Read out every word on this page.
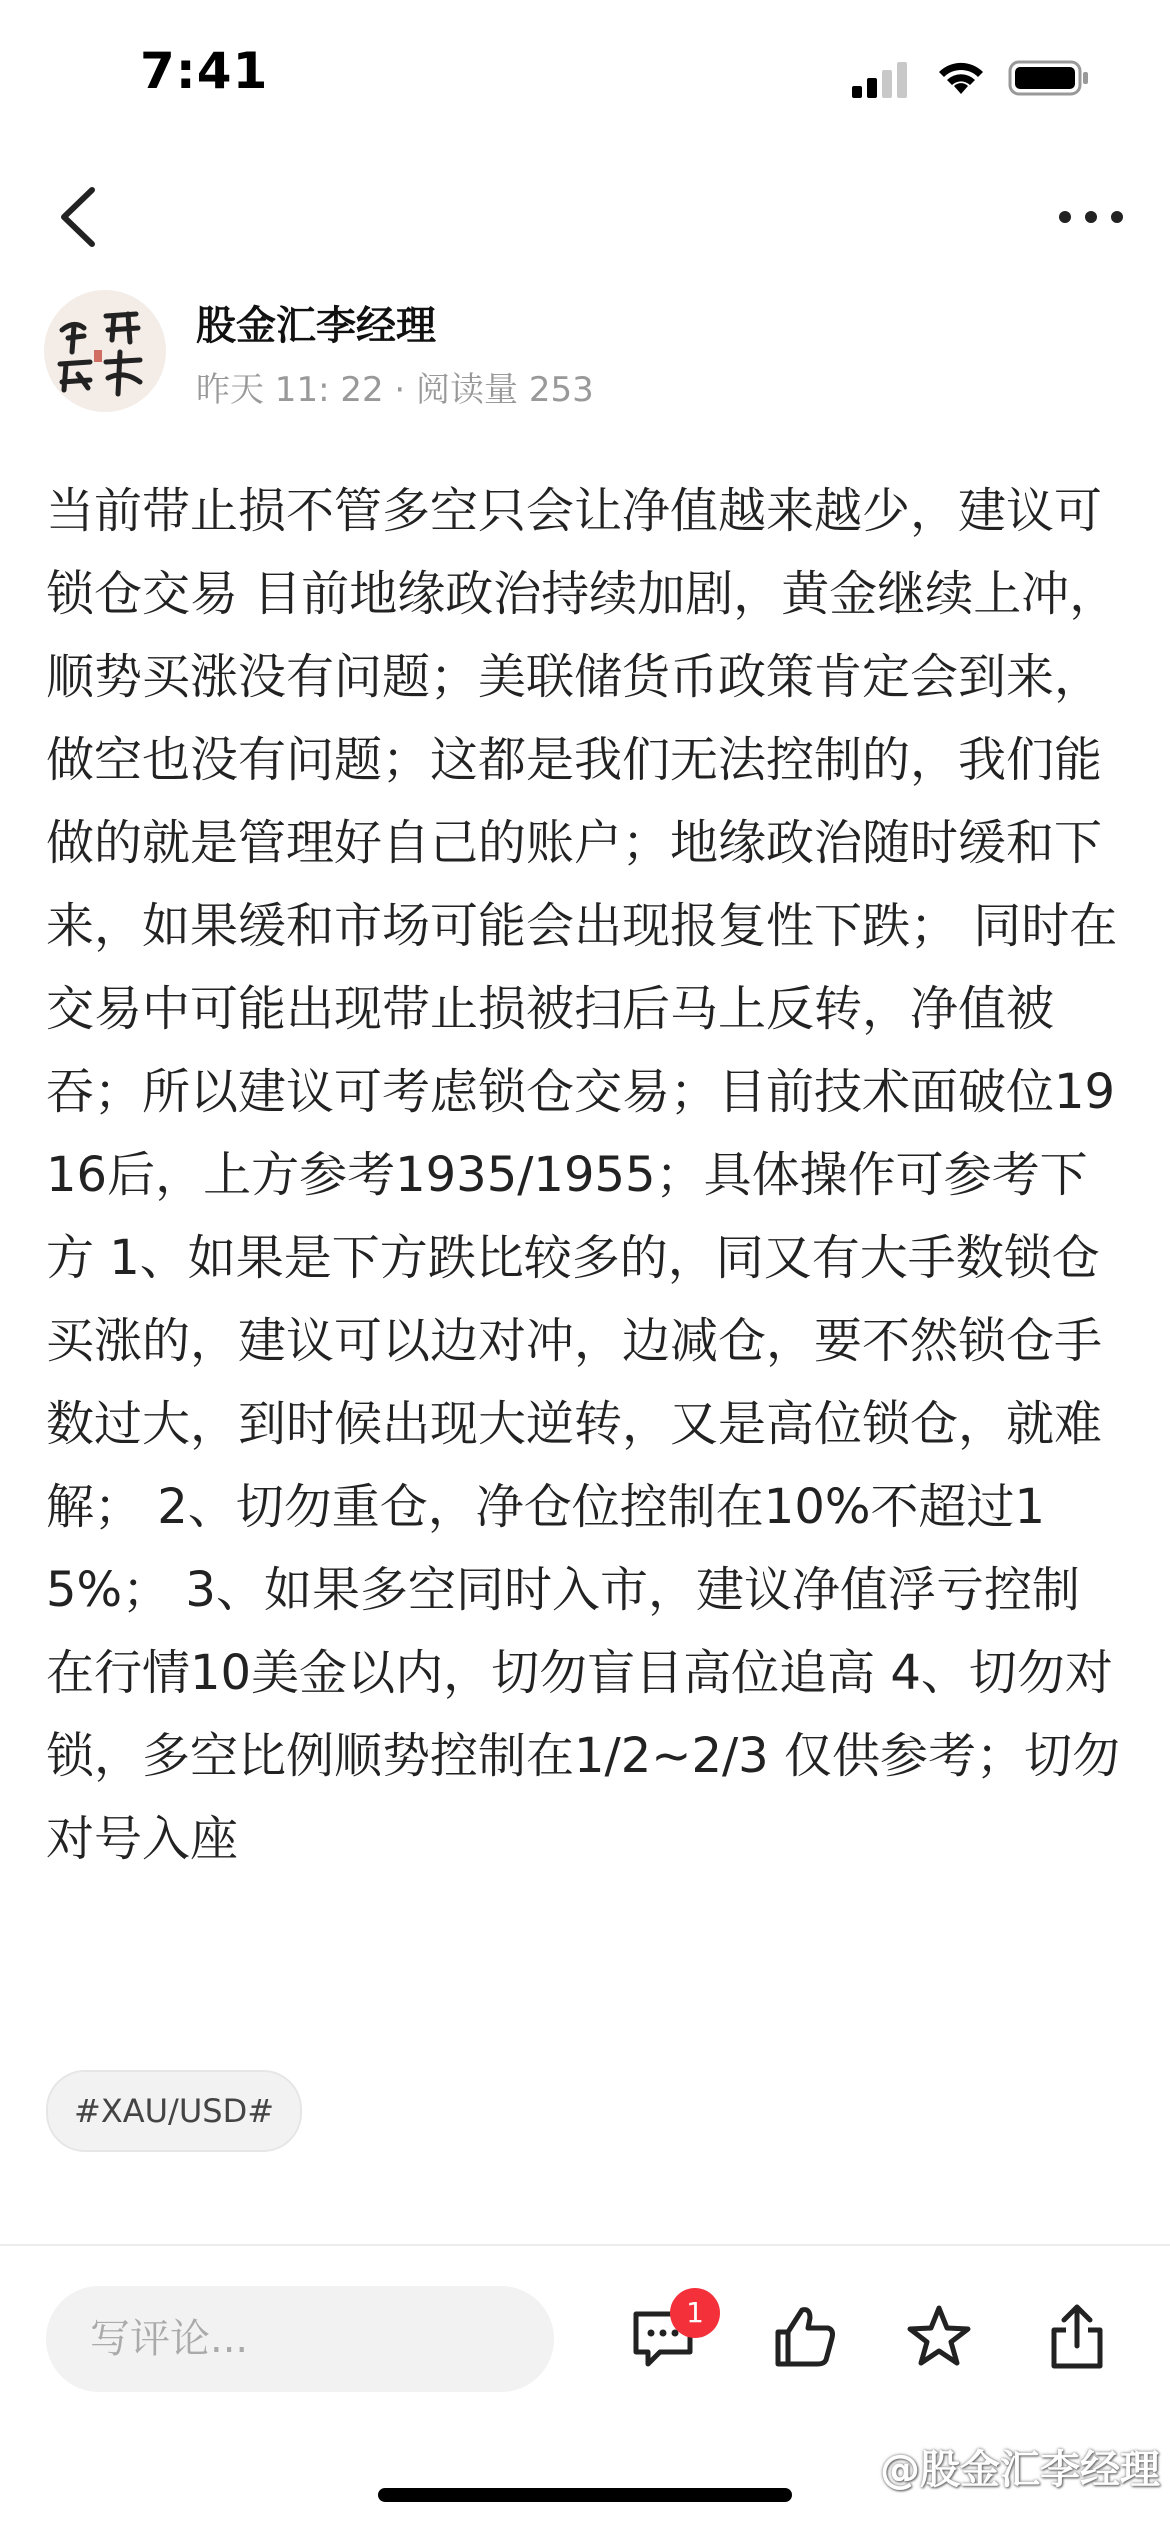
7:41
股金汇李经理
昨天 11: 22 · 阅读量 253
当前带止损不管多空只会让净值越来越少，建议可锁仓交易 目前地缘政治持续加剧，黄金继续上冲，顺势买涨没有问题；美联储货币政策肯定会到来，做空也没有问题；这都是我们无法控制的，我们能做的就是管理好自己的账户；地缘政治随时缓和下来，如果缓和市场可能会出现报复性下跌； 同时在交易中可能出现带止损被扫后马上反转，净值被吞；所以建议可考虑锁仓交易；目前技术面破位1916后，上方参考1935/1955；具体操作可参考下方 1、如果是下方跌比较多的，同又有大手数锁仓买涨的，建议可以边对冲，边减仓，要不然锁仓手数过大，到时候出现大逆转，又是高位锁仓，就难解； 2、切勿重仓，净仓位控制在10%不超过15%； 3、如果多空同时入市，建议净值浮亏控制在行情10美金以内，切勿盲目高位追高 4、切勿对锁，多空比例顺势控制在1/2~2/3 仅供参考；切勿对号入座
#XAU/USD#
写评论...
1
@股金汇李经理
